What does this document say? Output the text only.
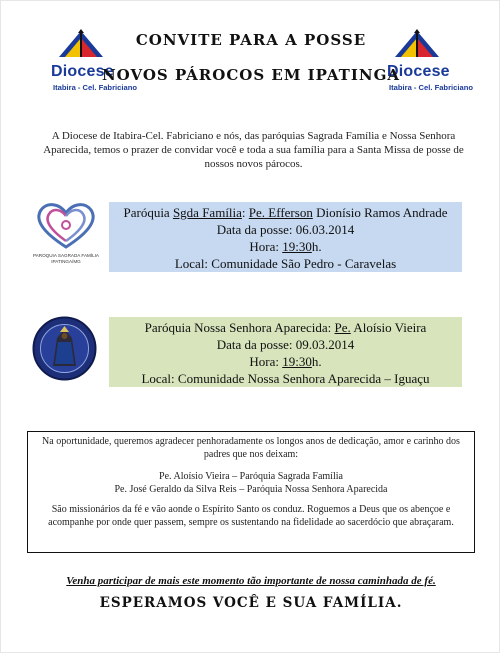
Diocese
Itabira - Cel. Fabriciano
Diocese
Itabira - Cel. Fabriciano
CONVITE PARA A POSSE
NOVOS PÁROCOS EM IPATINGA
A Diocese de Itabira-Cel. Fabriciano e nós, das paróquias Sagrada Família e Nossa Senhora Aparecida, temos o prazer de convidar você e toda a sua família para a Santa Missa de posse de nossos novos párocos.
PAROQUIA SAGRADA FAMÍLIA
IPATINGA/MG
Paróquia Sgda Família: Pe. Efferson Dionísio Ramos Andrade
Data da posse: 06.03.2014
Hora: 19:30h.
Local: Comunidade São Pedro - Caravelas
Paróquia Nossa Senhora Aparecida: Pe. Aloísio Vieira
Data da posse: 09.03.2014
Hora: 19:30h.
Local: Comunidade Nossa Senhora Aparecida – Iguaçu

Na oportunidade, queremos agradecer penhoradamente os longos anos de dedicação, amor e carinho dos padres que nos deixam:

Pe. Aloísio Vieira – Paróquia Sagrada Família

Pe. José Geraldo da Silva Reis – Paróquia Nossa Senhora Aparecida

São missionários da fé e vão aonde o Espírito Santo os conduz. Roguemos a Deus que os abençoe e acompanhe por onde quer passem, sempre os sustentando na fidelidade ao sacerdócio que abraçaram.

Venha participar de mais este momento tão importante de nossa caminhada de fé.
ESPERAMOS VOCÊ E SUA FAMÍLIA.
